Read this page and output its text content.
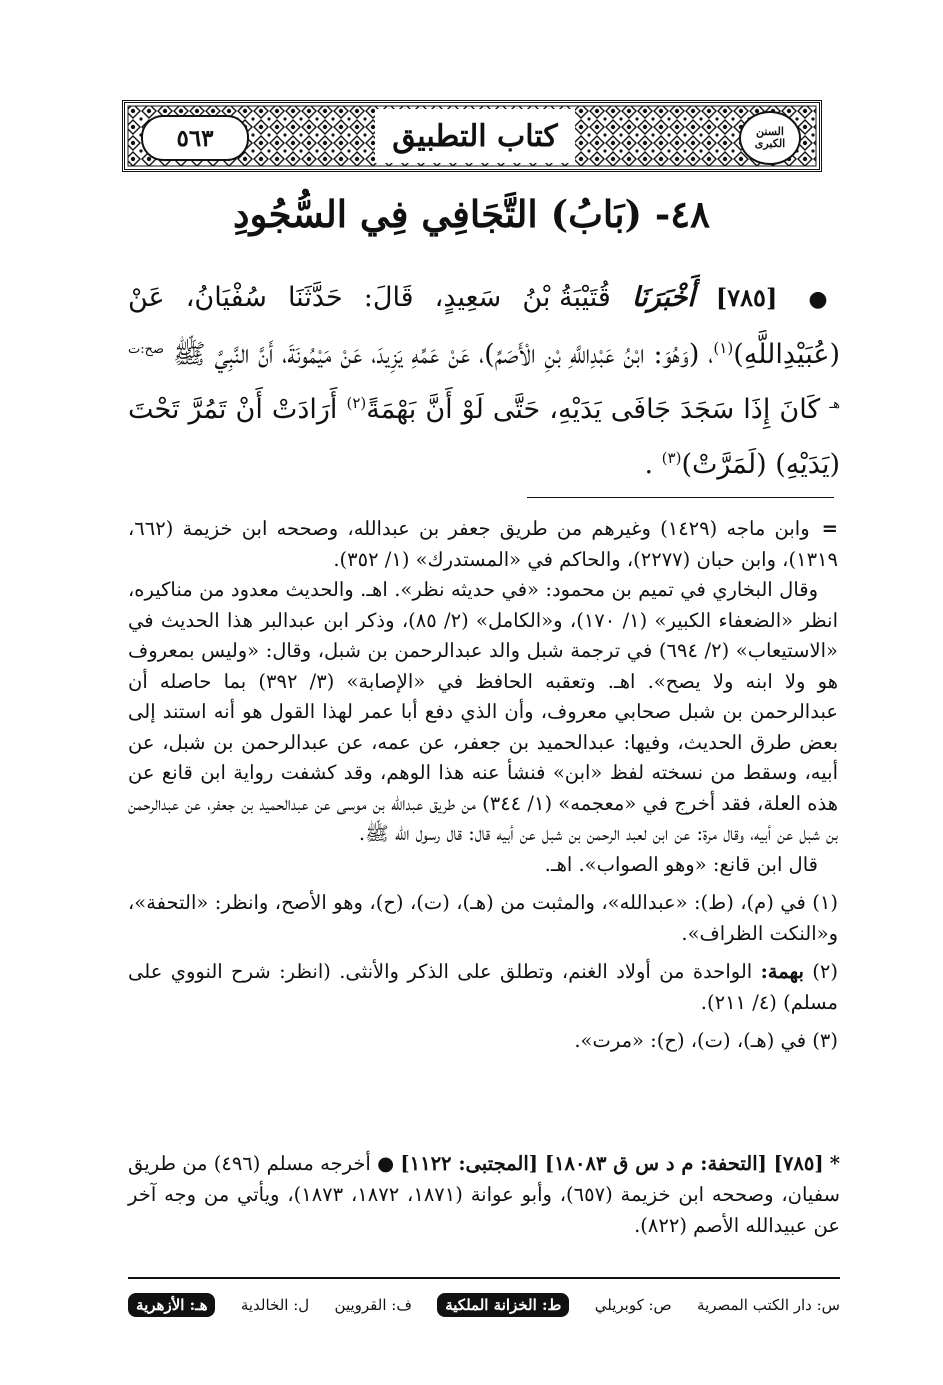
٥٦٣	كتاب التطبيق	السنن الكبرى
٤٨- (بَابُ) التَّجَافِي فِي السُّجُودِ
● [٧٨٥] أَخْبَرَنَا قُتَيْبَةُ بْنُ سَعِيدٍ، قَالَ: حَدَّثَنَا سُفْيَانُ، عَنْ (عُبَيْدِاللَّهِ)$^{(١)}$، (وَهُوَ: ابْنُ عَبْدِاللَّهِ بْنِ الْأَصَمِّ)، عَنْ عَمِّهِ يَزِيدَ، عَنْ مَيْمُونَةَ، أَنَّ النَّبِيَّ ﷺ $^{صح:ت هـ}$ كَانَ إِذَا سَجَدَ جَافَى يَدَيْهِ، حَتَّى لَوْ أَنَّ بَهْمَةً$^{(٢)}$ أَرَادَتْ أَنْ تَمُرَّ تَحْتَ (يَدَيْهِ) (لَمَرَّتْ)$^{(٣)}$ .

=
وابن ماجه (١٤٢٩) وغيرهم من طريق جعفر بن عبدالله، وصححه ابن خزيمة (٦٦٢، ١٣١٩)، وابن حبان (٢٢٧٧)، والحاكم في «المستدرك» (١/ ٣٥٢).

وقال البخاري في تميم بن محمود: «في حديثه نظر». اهـ. والحديث معدود من مناكيره، انظر «الضعفاء الكبير» (١/ ١٧٠)، و«الكامل» (٢/ ٨٥)، وذكر ابن عبدالبر هذا الحديث في «الاستيعاب» (٢/ ٦٩٤) في ترجمة شبل والد عبدالرحمن بن شبل، وقال: «وليس بمعروف هو ولا ابنه ولا يصح». اهـ. وتعقبه الحافظ في «الإصابة» (٣/ ٣٩٢) بما حاصله أن عبدالرحمن بن شبل صحابي معروف، وأن الذي دفع أبا عمر لهذا القول هو أنه استند إلى بعض طرق الحديث، وفيها: عبدالحميد بن جعفر، عن عمه، عن عبدالرحمن بن شبل، عن أبيه، وسقط من نسخته لفظ «ابن» فنشأ عنه هذا الوهم، وقد كشفت رواية ابن قانع عن هذه العلة، فقد أخرج في «معجمه» (١/ ٣٤٤) من طريق عبدالله بن موسى عن عبدالحميد بن جعفر، عن عبدالرحمن بن شبل عن أبيه، وقال مرة: عن ابن لعبد الرحمن بن شبل عن أبيه قال: قال رسول الله ﷺ.

قال ابن قانع: «وهو الصواب». اهـ.

(١) في (م)، (ط): «عبدالله»، والمثبت من (هـ)، (ت)، (ح)، وهو الأصح، وانظر: «التحفة»، و«النكت الظراف».

(٢) بهمة: الواحدة من أولاد الغنم، وتطلق على الذكر والأنثى. (انظر: شرح النووي على مسلم) (٤/ ٢١١).

(٣) في (هـ)، (ت)، (ح): «مرت».

* [٧٨٥] [التحفة: م د س ق ١٨٠٨٣] [المجتبى: ١١٢٢] ● أخرجه مسلم (٤٩٦) من طريق سفيان، وصححه ابن خزيمة (٦٥٧)، وأبو عوانة (١٨٧١، ١٨٧٢، ١٨٧٣)، ويأتي من وجه آخر عن عبيدالله الأصم (٨٢٢).
س: دار الكتب المصرية
ص: كوبريلي
ط: الخزانة الملكية
ف: القرويين
ل: الخالدية
هـ: الأزهرية
